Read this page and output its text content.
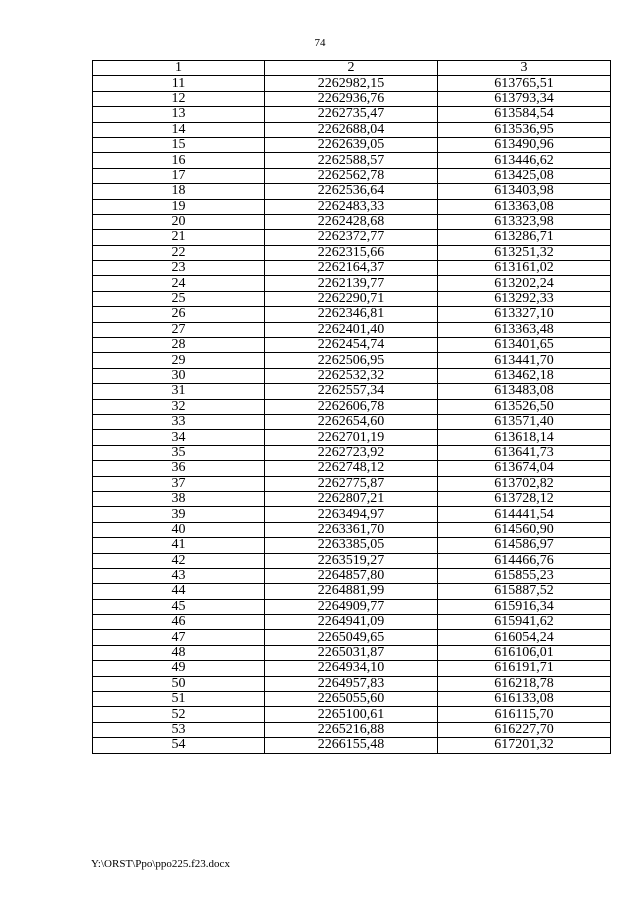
74
1	2	3
11	2262982,15	613765,51
12	2262936,76	613793,34
13	2262735,47	613584,54
14	2262688,04	613536,95
15	2262639,05	613490,96
16	2262588,57	613446,62
17	2262562,78	613425,08
18	2262536,64	613403,98
19	2262483,33	613363,08
20	2262428,68	613323,98
21	2262372,77	613286,71
22	2262315,66	613251,32
23	2262164,37	613161,02
24	2262139,77	613202,24
25	2262290,71	613292,33
26	2262346,81	613327,10
27	2262401,40	613363,48
28	2262454,74	613401,65
29	2262506,95	613441,70
30	2262532,32	613462,18
31	2262557,34	613483,08
32	2262606,78	613526,50
33	2262654,60	613571,40
34	2262701,19	613618,14
35	2262723,92	613641,73
36	2262748,12	613674,04
37	2262775,87	613702,82
38	2262807,21	613728,12
39	2263494,97	614441,54
40	2263361,70	614560,90
41	2263385,05	614586,97
42	2263519,27	614466,76
43	2264857,80	615855,23
44	2264881,99	615887,52
45	2264909,77	615916,34
46	2264941,09	615941,62
47	2265049,65	616054,24
48	2265031,87	616106,01
49	2264934,10	616191,71
50	2264957,83	616218,78
51	2265055,60	616133,08
52	2265100,61	616115,70
53	2265216,88	616227,70
54	2266155,48	617201,32
Y:\ORST\Ppo\ppo225.f23.docx
